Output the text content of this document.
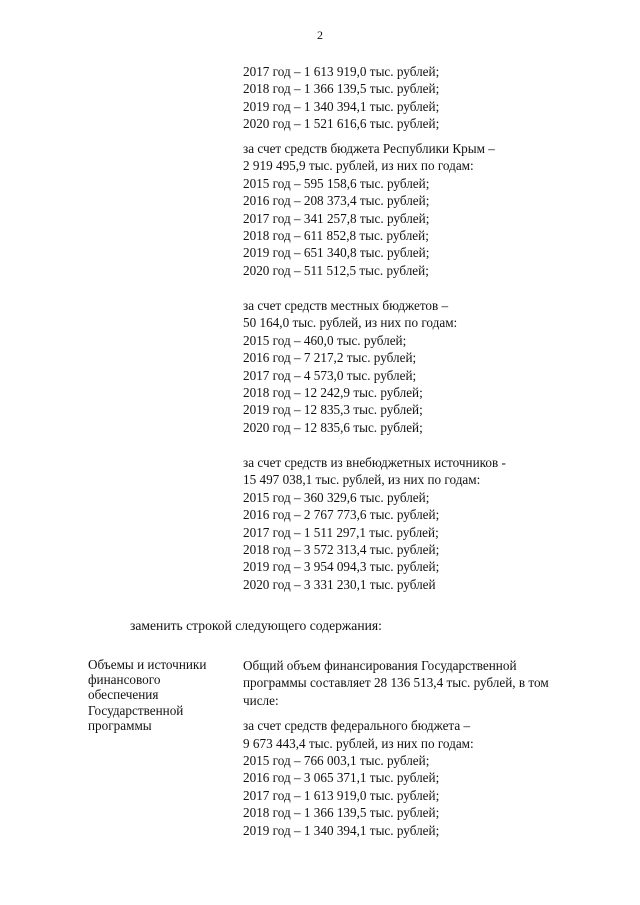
2
2017 год – 1 613 919,0 тыс. рублей;
2018 год – 1 366 139,5 тыс. рублей;
2019 год – 1 340 394,1 тыс. рублей;
2020 год – 1 521 616,6 тыс. рублей;
за счет средств бюджета Республики Крым –
2 919 495,9 тыс. рублей, из них по годам:
2015 год – 595 158,6 тыс. рублей;
2016 год – 208 373,4 тыс. рублей;
2017 год – 341 257,8 тыс. рублей;
2018 год – 611 852,8 тыс. рублей;
2019 год – 651 340,8 тыс. рублей;
2020 год – 511 512,5 тыс. рублей;
за счет средств местных бюджетов –
50 164,0 тыс. рублей, из них по годам:
2015 год – 460,0 тыс. рублей;
2016 год – 7 217,2 тыс. рублей;
2017 год – 4 573,0 тыс. рублей;
2018 год – 12 242,9 тыс. рублей;
2019 год – 12 835,3 тыс. рублей;
2020 год – 12 835,6 тыс. рублей;
за счет средств из внебюджетных источников -
15 497 038,1 тыс. рублей, из них по годам:
2015 год – 360 329,6 тыс. рублей;
2016 год – 2 767 773,6 тыс. рублей;
2017 год – 1 511 297,1 тыс. рублей;
2018 год – 3 572 313,4 тыс. рублей;
2019 год – 3 954 094,3 тыс. рублей;
2020 год – 3 331 230,1 тыс. рублей
заменить строкой следующего содержания:
Объемы и источники
финансового
обеспечения
Государственной
программы
Общий объем финансирования Государственной
программы составляет 28 136 513,4 тыс. рублей, в том
числе:
за счет средств федерального бюджета –
9 673 443,4 тыс. рублей, из них по годам:
2015 год – 766 003,1 тыс. рублей;
2016 год – 3 065 371,1 тыс. рублей;
2017 год – 1 613 919,0 тыс. рублей;
2018 год – 1 366 139,5 тыс. рублей;
2019 год – 1 340 394,1 тыс. рублей;
